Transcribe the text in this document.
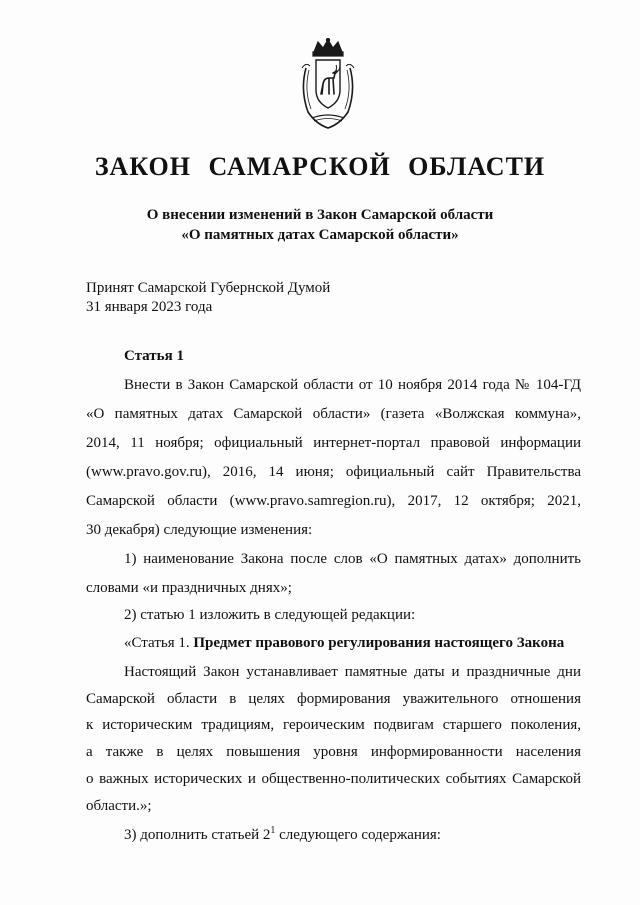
ЗАКОН САМАРСКОЙ ОБЛАСТИ
О внесении изменений в Закон Самарской области
«О памятных датах Самарской области»
Принят Самарской Губернской Думой
31 января 2023 года
Статья 1
Внести в Закон Самарской области от 10 ноября 2014 года № 104-ГД
«О памятных датах Самарской области» (газета «Волжская коммуна»,
2014, 11 ноября; официальный интернет-портал правовой информации
(www.pravo.gov.ru), 2016, 14 июня; официальный сайт Правительства
Самарской области (www.pravo.samregion.ru), 2017, 12 октября; 2021,
30 декабря) следующие изменения:
1) наименование Закона после слов «О памятных датах» дополнить
словами «и праздничных днях»;
2) статью 1 изложить в следующей редакции:
«Статья 1. Предмет правового регулирования настоящего Закона
Настоящий Закон устанавливает памятные даты и праздничные дни
Самарской области в целях формирования уважительного отношения
к историческим традициям, героическим подвигам старшего поколения,
а также в целях повышения уровня информированности населения
о важных исторических и общественно-политических событиях Самарской
области.»;
3) дополнить статьей $2^1$ следующего содержания:
